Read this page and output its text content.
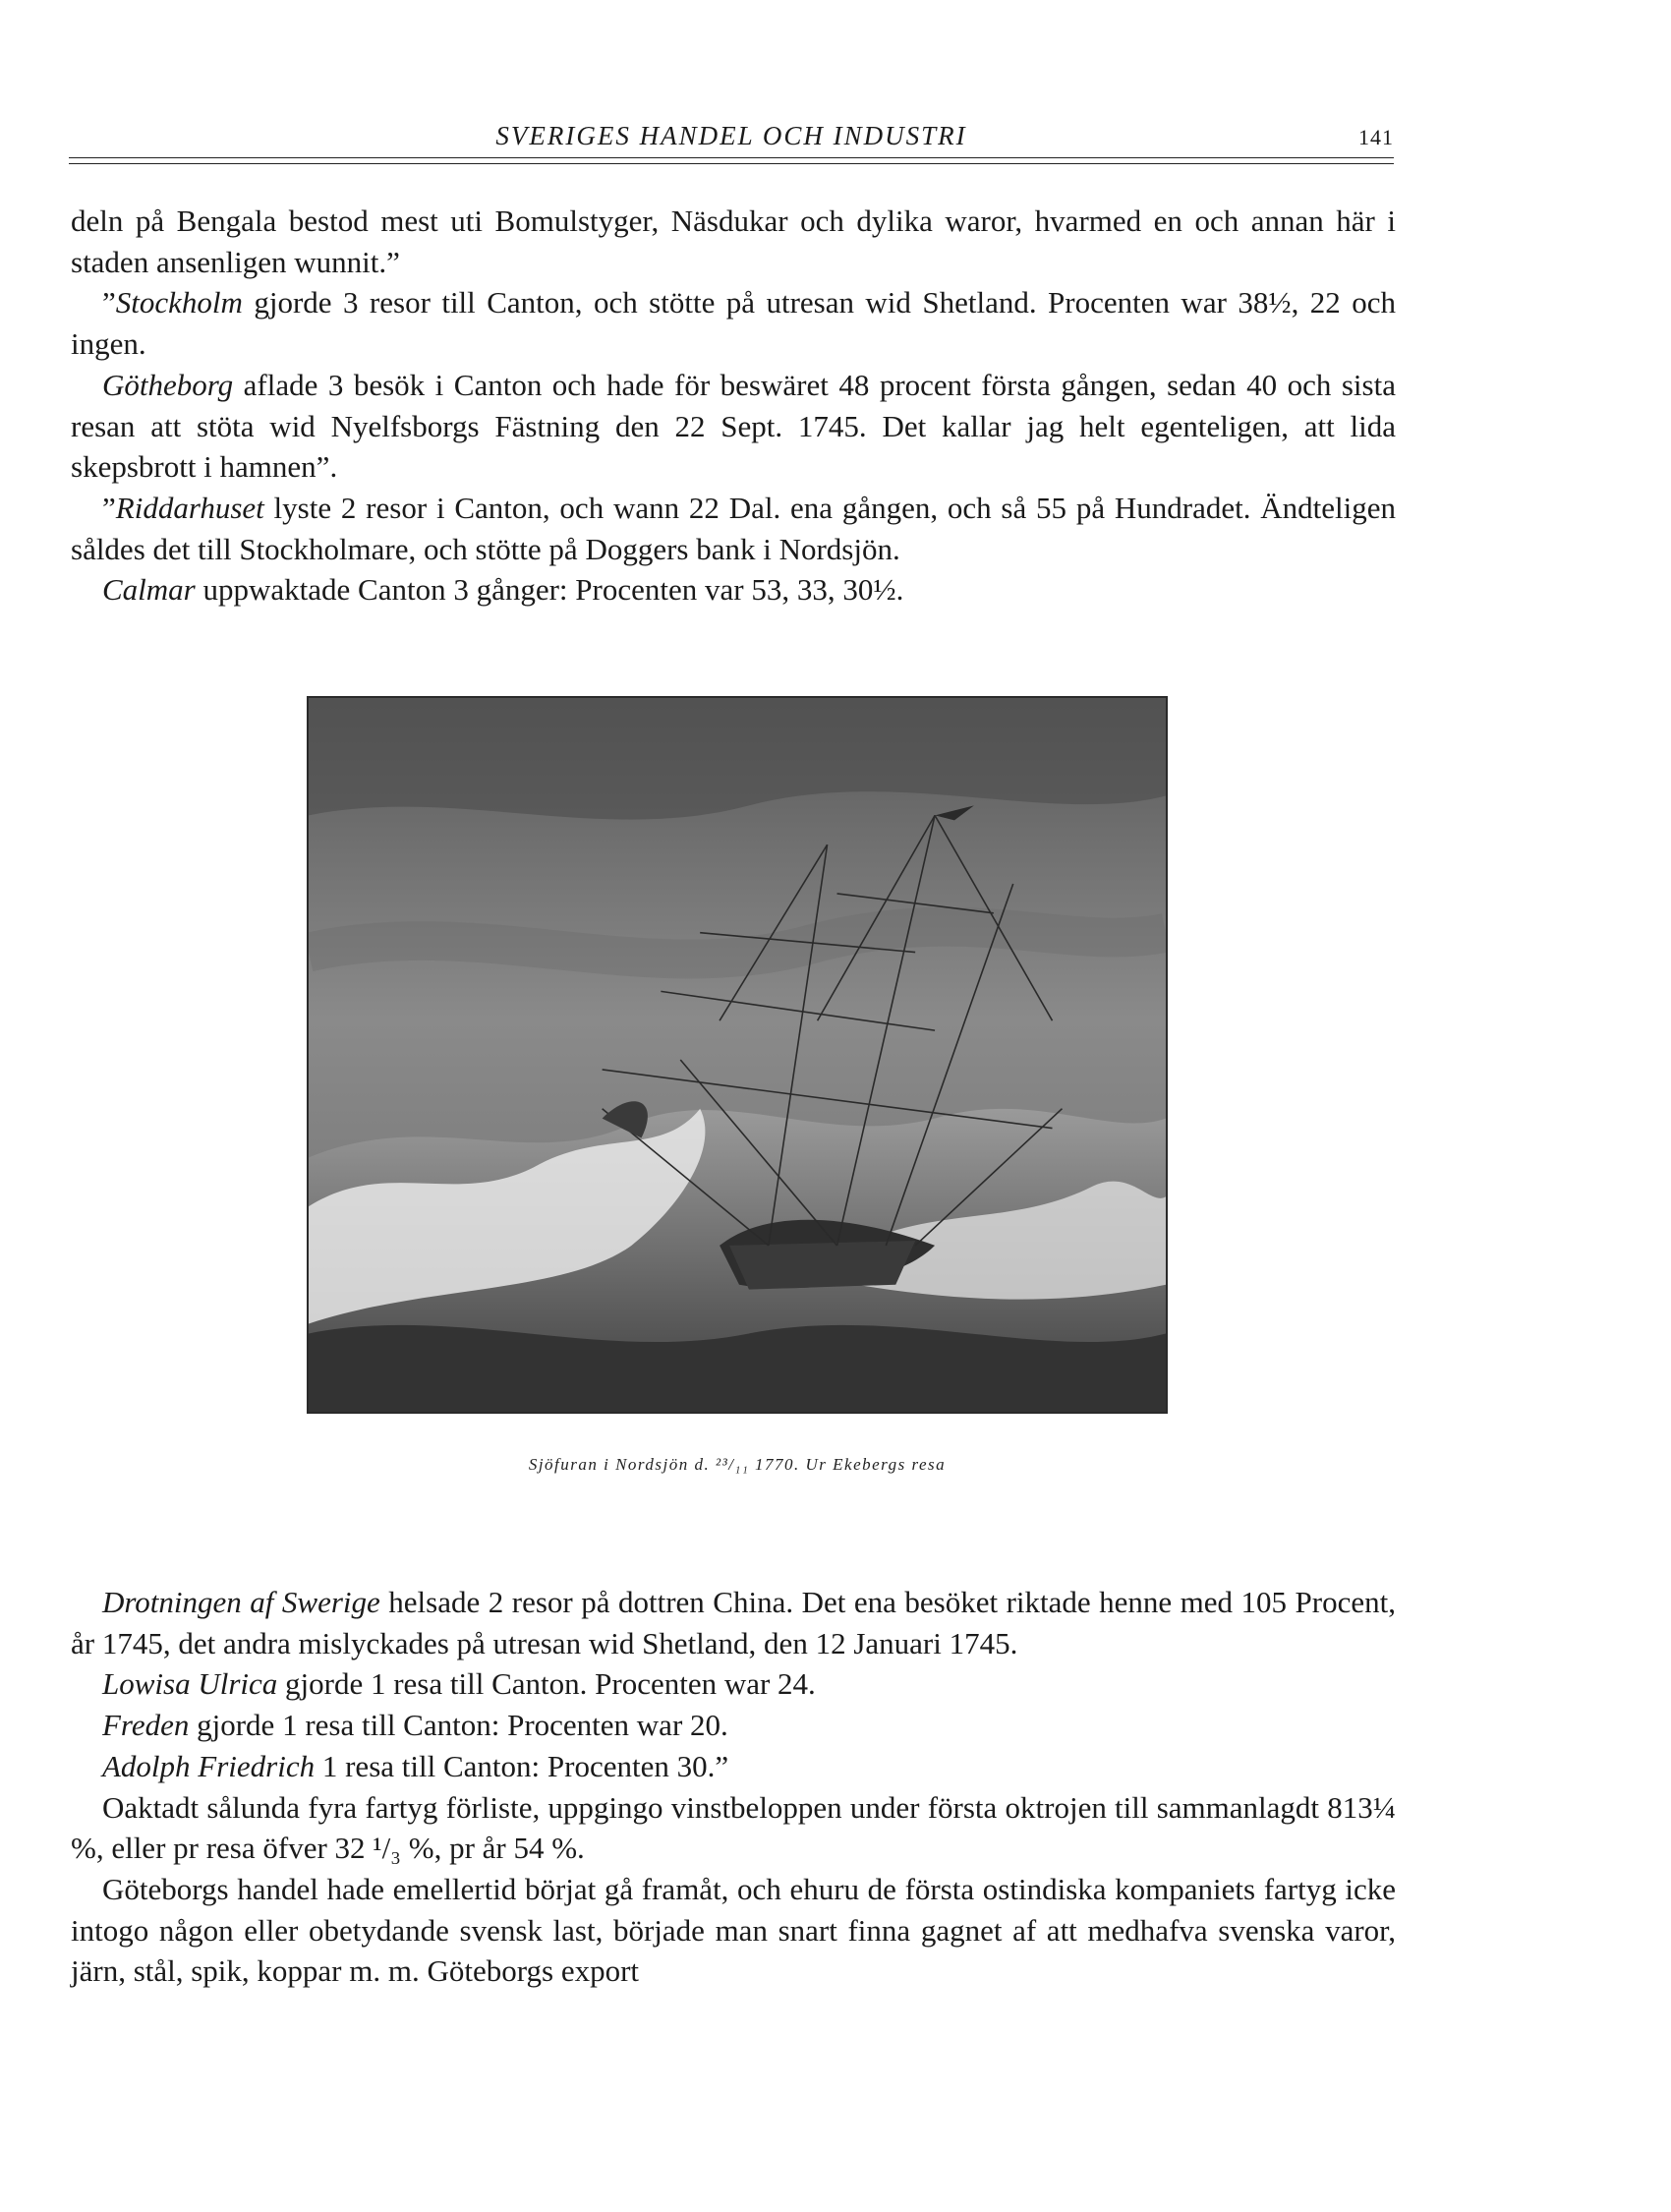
SVERIGES HANDEL OCH INDUSTRI	141

deln på Bengala bestod mest uti Bomulstyger, Näsdukar och dylika waror, hvarmed en och annan här i staden ansenligen wunnit.”

”Stockholm gjorde 3 resor till Canton, och stötte på utresan wid Shetland. Procenten war 38½, 22 och ingen.

Götheborg aflade 3 besök i Canton och hade för beswäret 48 procent första gången, sedan 40 och sista resan att stöta wid Nyelfsborgs Fästning den 22 Sept. 1745. Det kallar jag helt egenteligen, att lida skepsbrott i hamnen”.

”Riddarhuset lyste 2 resor i Canton, och wann 22 Dal. ena gången, och så 55 på Hundradet. Ändteligen såldes det till Stockholmare, och stötte på Doggers bank i Nordsjön.

Calmar uppwaktade Canton 3 gånger: Procenten var 53, 33, 30½.

Sjöfuran i Nordsjön d. ²³/₁₁ 1770. Ur Ekebergs resa

Drotningen af Swerige helsade 2 resor på dottren China. Det ena besöket riktade henne med 105 Procent, år 1745, det andra mislyckades på utresan wid Shetland, den 12 Januari 1745.

Lowisa Ulrica gjorde 1 resa till Canton. Procenten war 24.

Freden gjorde 1 resa till Canton: Procenten war 20.

Adolph Friedrich 1 resa till Canton: Procenten 30.”

Oaktadt sålunda fyra fartyg förliste, uppgingo vinstbeloppen under första oktrojen till sammanlagdt 813¼ %, eller pr resa öfver 32 ¹/₃ %, pr år 54 %.

Göteborgs handel hade emellertid börjat gå framåt, och ehuru de första ostindiska kompaniets fartyg icke intogo någon eller obetydande svensk last, började man snart finna gagnet af att medhafva svenska varor, järn, stål, spik, koppar m. m. Göteborgs export
